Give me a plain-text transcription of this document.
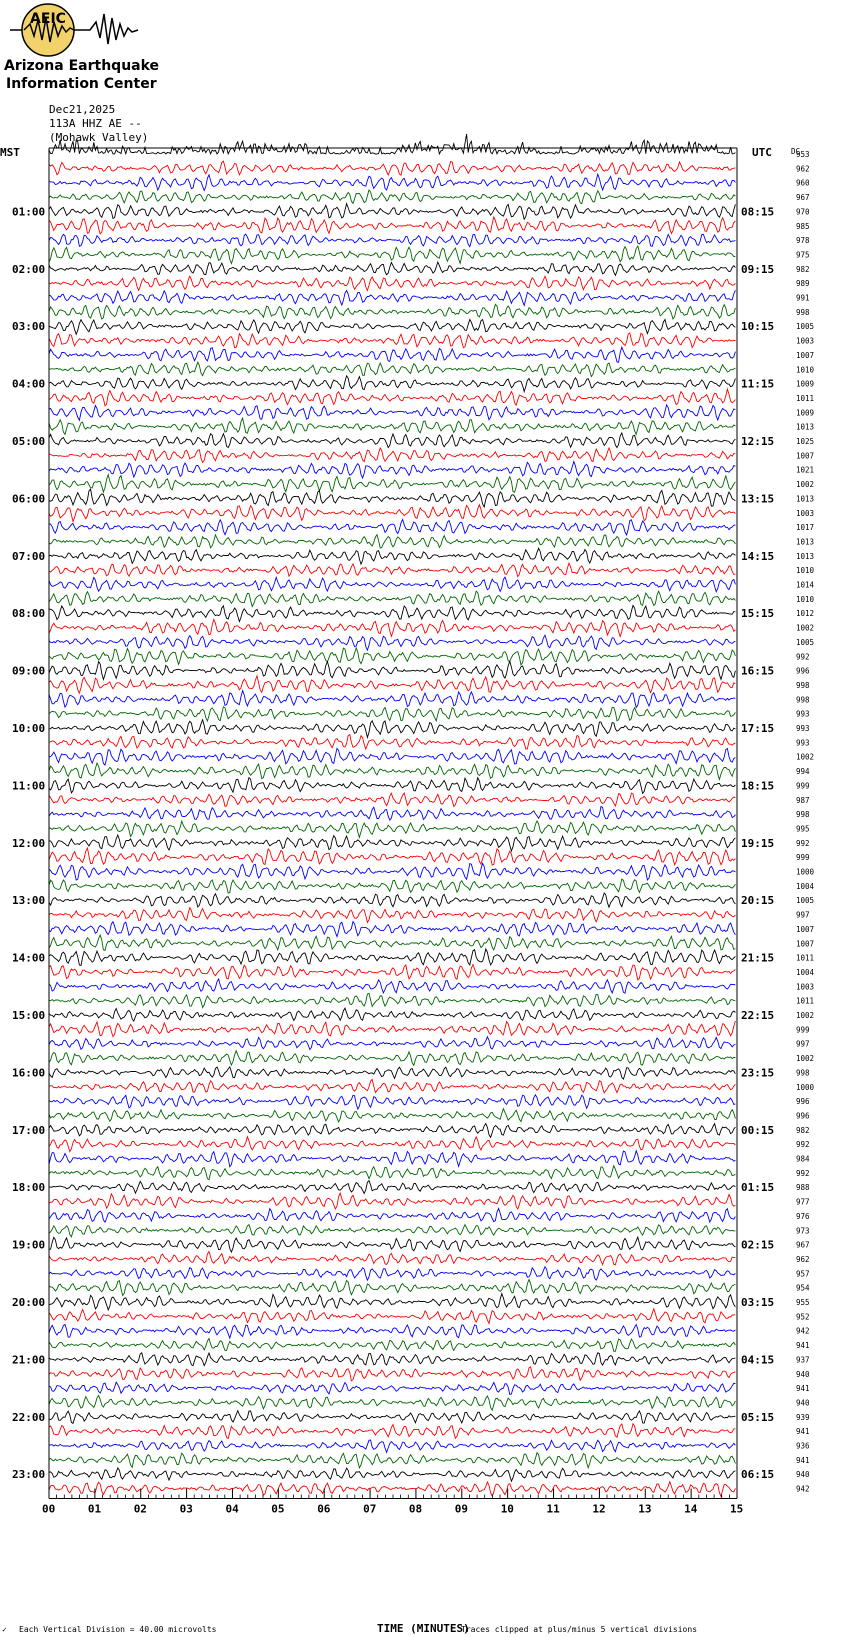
AEIC
Arizona Earthquake
Information Center
Dec21,2025
113A HHZ AE --
(Mohawk Valley)
953
962
960
967
970
985
978
975
982
989
991
998
1005
1003
1007
1010
1009
1011
1009
1013
1025
1007
1021
1002
1013
1003
1017
1013
1013
1010
1014
1010
1012
1002
1005
992
996
998
998
993
993
993
1002
994
999
987
998
995
992
999
1000
1004
1005
997
1007
1007
1011
1004
1003
1011
1002
999
997
1002
998
1000
996
996
982
992
984
992
988
977
976
973
967
962
957
954
955
952
942
941
937
940
941
940
939
941
936
941
940
942
01:00
02:00
03:00
04:00
05:00
06:00
07:00
08:00
09:00
10:00
11:00
12:00
13:00
14:00
15:00
16:00
17:00
18:00
19:00
20:00
21:00
22:00
23:00
08:15
09:15
10:15
11:15
12:15
13:15
14:15
15:15
16:15
17:15
18:15
19:15
20:15
21:15
22:15
23:15
00:15
01:15
02:15
03:15
04:15
05:15
06:15
00	01	02	03	04	05	06	07	08	09	10	11	12	13	14	15
MST	UTC	DC
✓ Each Vertical Division = 40.00 microvolts	TIME (MINUTES)
Traces clipped at plus/minus 5 vertical divisions
